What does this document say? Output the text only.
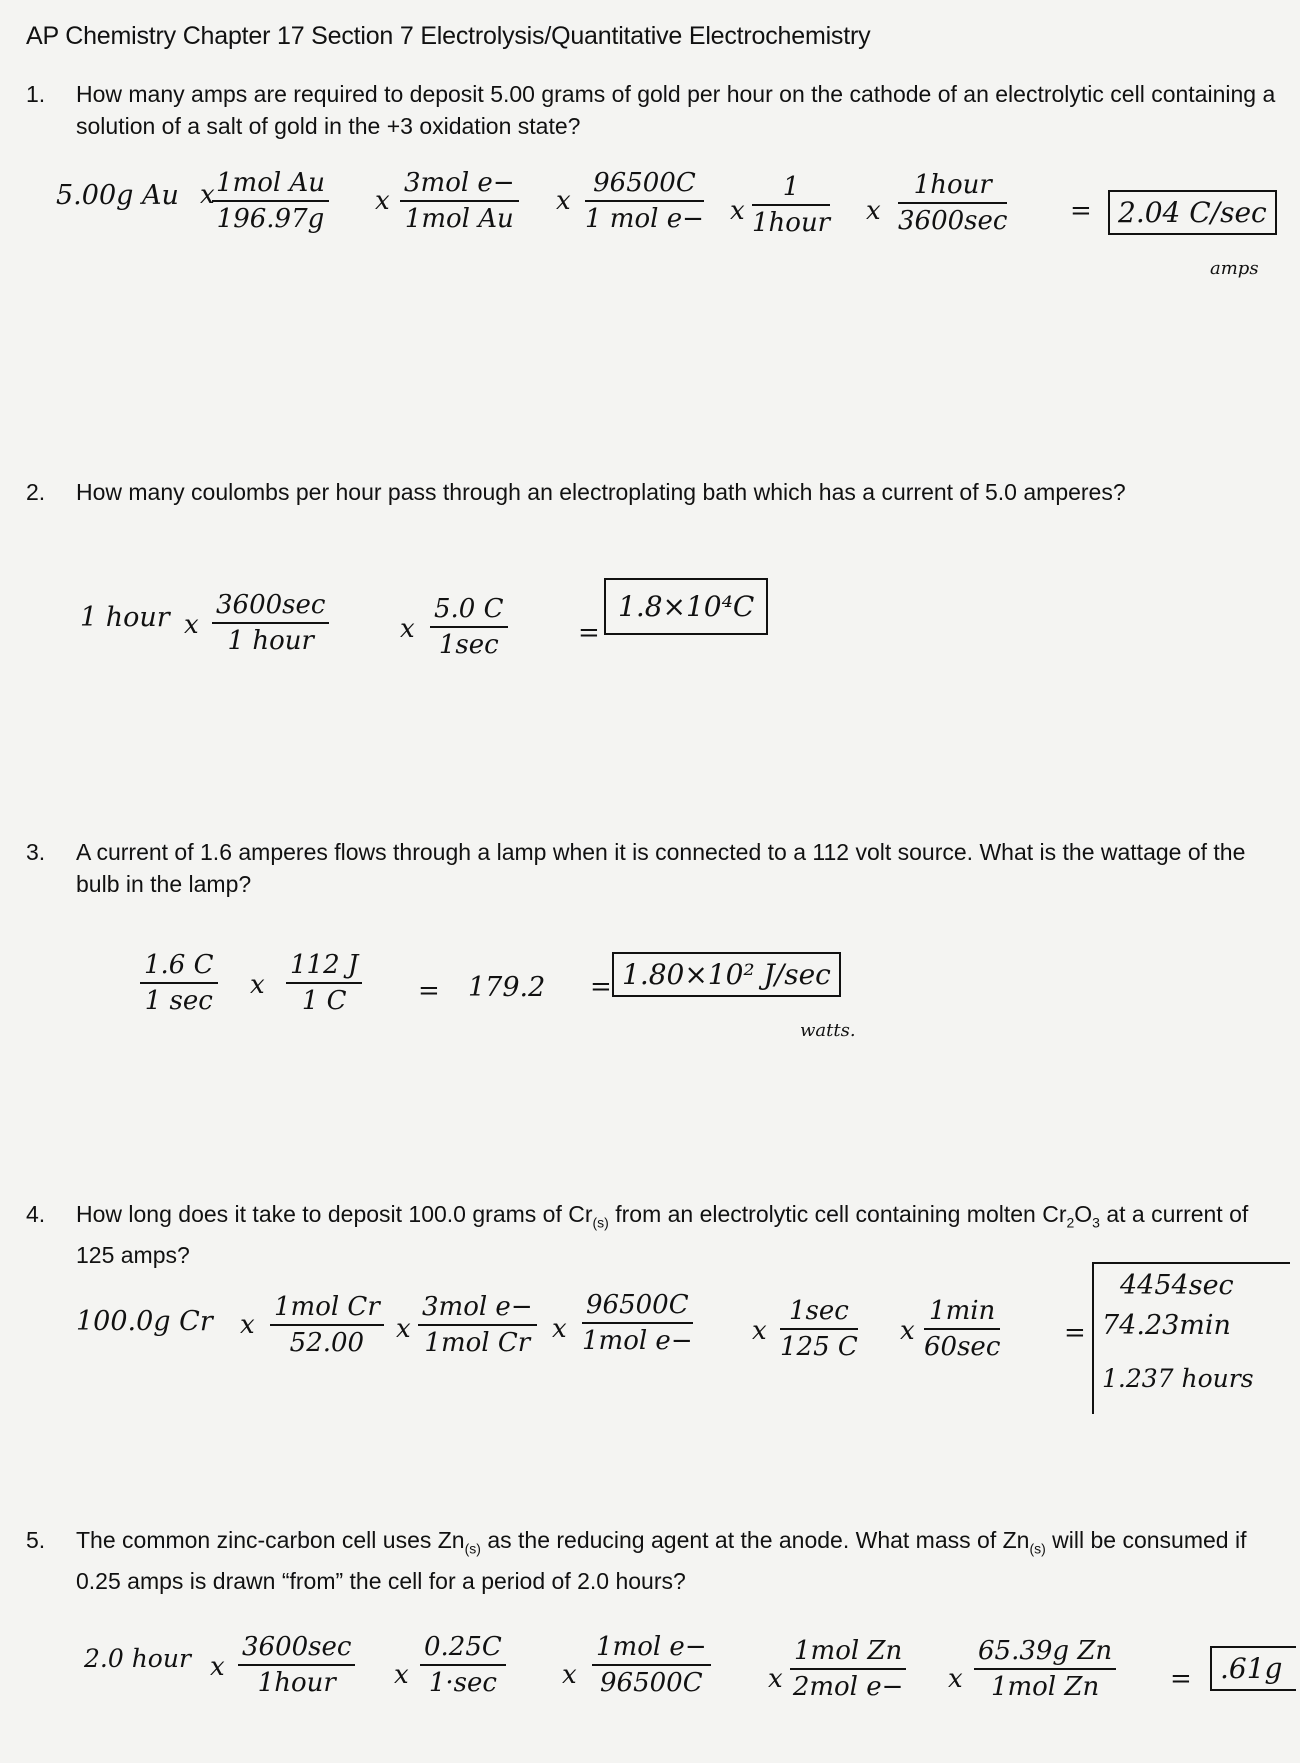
AP Chemistry Chapter 17 Section 7 Electrolysis/Quantitative Electrochemistry
1.	How many amps are required to deposit 5.00 grams of gold per hour on the cathode of an electrolytic cell containing a solution of a salt of gold in the +3 oxidation state?
5.00g Au x 1mol Au
196.97g
x
3mol e−
1mol Au
x
96500C
1 mol e− x
1
1hour x
1hour
3600sec = 2.04 C/sec
amps
2.	How many coulombs per hour pass through an electroplating bath which has a current of 5.0 amperes?
1 hour x
3600sec
1 hour	x
5.0 C
1sec	=
1.8×10⁴C
3.	A current of 1.6 amperes flows through a lamp when it is connected to a 112 volt source. What is the wattage of the bulb in the lamp?
1.6 C
1 sec
x $\frac{112 J}{1 C} = 179.2 = 1.80\times 10^2$ J/sec
watts.
4.	How long does it take to deposit 100.0 grams of $Cr_{(s)}$ from an electrolytic cell containing molten $Cr_2O_3$ at a current of 125 amps?
100.0g Cr x
1mol Cr
52.00	x
3mol e−
1mol Cr x
96500C
1mol e− x
1sec
125 C
x
1min
60sec =
4454sec
74.23min
1.237 hours
5.	The common zinc-carbon cell uses $Zn_{(s)}$ as the reducing agent at the anode. What mass of $Zn_{(s)}$ will be consumed if 0.25 amps is drawn “from” the cell for a period of 2.0 hours?
2.0 hour x
3600sec
1hour	x
0.25C
1·sec	x
1mol e−
96500C	x
1mol Zn
2mol e− x
65.39g Zn
1mol Zn	=	.61g
